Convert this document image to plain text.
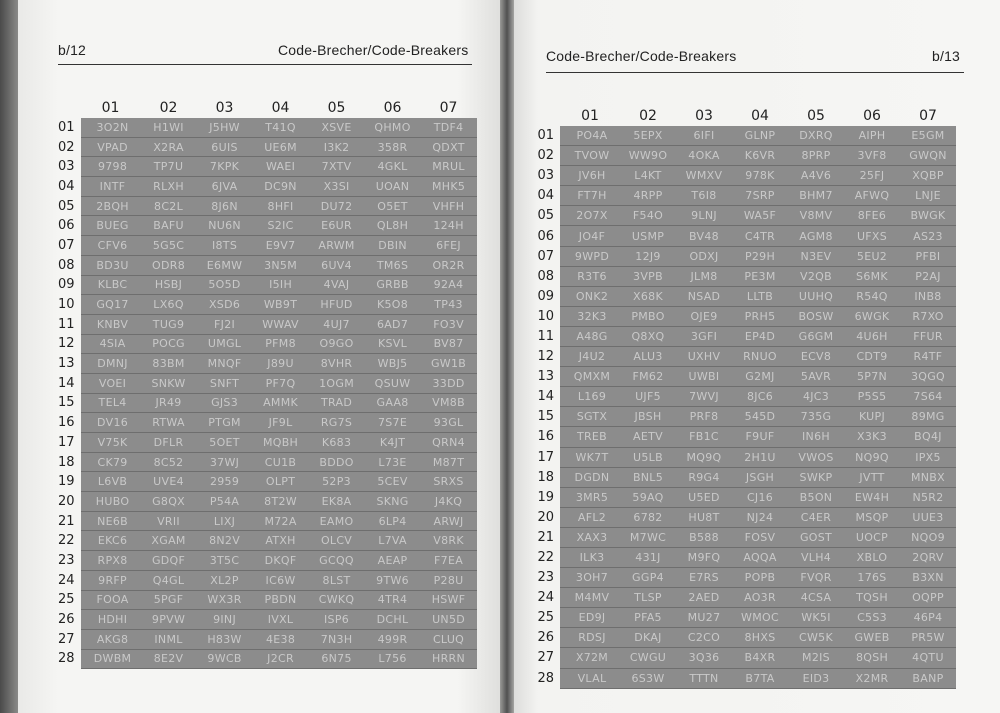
b/12	Code-Brecher/Code-Breakers
	01	02	03	04	05	06	07
01	3O2N	H1WI	J5HW	T41Q	XSVE	QHMO	TDF4
02	VPAD	X2RA	6UIS	UE6M	I3K2	358R	QDXT
03	9798	TP7U	7KPK	WAEI	7XTV	4GKL	MRUL
04	INTF	RLXH	6JVA	DC9N	X3SI	UOAN	MHK5
05	2BQH	8C2L	8J6N	8HFI	DU72	O5ET	VHFH
06	BUEG	BAFU	NU6N	S2IC	E6UR	QL8H	124H
07	CFV6	5G5C	I8TS	E9V7	ARWM	DBIN	6FEJ
08	BD3U	ODR8	E6MW	3N5M	6UV4	TM6S	OR2R
09	KLBC	HSBJ	5O5D	I5IH	4VAJ	GRBB	92A4
10	GQ17	LX6Q	XSD6	WB9T	HFUD	K5O8	TP43
11	KNBV	TUG9	FJ2I	WWAV	4UJ7	6AD7	FO3V
12	4SIA	POCG	UMGL	PFM8	O9GO	KSVL	BV87
13	DMNJ	83BM	MNQF	J89U	8VHR	WBJ5	GW1B
14	VOEI	SNKW	SNFT	PF7Q	1OGM	QSUW	33DD
15	TEL4	JR49	GJS3	AMMK	TRAD	GAA8	VM8B
16	DV16	RTWA	PTGM	JF9L	RG7S	7S7E	93GL
17	V75K	DFLR	5OET	MQBH	K683	K4JT	QRN4
18	CK79	8C52	37WJ	CU1B	BDDO	L73E	M87T
19	L6VB	UVE4	2959	OLPT	52P3	5CEV	SRXS
20	HUBO	G8QX	P54A	8T2W	EK8A	SKNG	J4KQ
21	NE6B	VRII	LIXJ	M72A	EAMO	6LP4	ARWJ
22	EKC6	XGAM	8N2V	ATXH	OLCV	L7VA	V8RK
23	RPX8	GDQF	3T5C	DKQF	GCQQ	AEAP	F7EA
24	9RFP	Q4GL	XL2P	IC6W	8LST	9TW6	P28U
25	FOOA	5PGF	WX3R	PBDN	CWKQ	4TR4	HSWF
26	HDHI	9PVW	9INJ	IVXL	ISP6	DCHL	UN5D
27	AKG8	INML	H83W	4E38	7N3H	499R	CLUQ
28	DWBM	8E2V	9WCB	J2CR	6N75	L756	HRRN
Code-Brecher/Code-Breakers	b/13
	01	02	03	04	05	06	07
01	PO4A	5EPX	6IFI	GLNP	DXRQ	AIPH	E5GM
02	TVOW	WW9O	4OKA	K6VR	8PRP	3VF8	GWQN
03	JV6H	L4KT	WMXV	978K	A4V6	25FJ	XQBP
04	FT7H	4RPP	T6I8	7SRP	BHM7	AFWQ	LNJE
05	2O7X	F54O	9LNJ	WA5F	V8MV	8FE6	BWGK
06	JO4F	USMP	BV48	C4TR	AGM8	UFXS	AS23
07	9WPD	12J9	ODXJ	P29H	N3EV	5EU2	PFBI
08	R3T6	3VPB	JLM8	PE3M	V2QB	S6MK	P2AJ
09	ONK2	X68K	NSAD	LLTB	UUHQ	R54Q	INB8
10	32K3	PMBO	OJE9	PRH5	BOSW	6WGK	R7XO
11	A48G	Q8XQ	3GFI	EP4D	G6GM	4U6H	FFUR
12	J4U2	ALU3	UXHV	RNUO	ECV8	CDT9	R4TF
13	QMXM	FM62	UWBI	G2MJ	5AVR	5P7N	3QGQ
14	L169	UJF5	7WVJ	8JC6	4JC3	P5S5	7S64
15	SGTX	JBSH	PRF8	545D	735G	KUPJ	89MG
16	TREB	AETV	FB1C	F9UF	IN6H	X3K3	BQ4J
17	WK7T	U5LB	MQ9Q	2H1U	VWOS	NQ9Q	IPX5
18	DGDN	BNL5	R9G4	JSGH	SWKP	JVTT	MNBX
19	3MR5	59AQ	U5ED	CJ16	B5ON	EW4H	N5R2
20	AFL2	6782	HU8T	NJ24	C4ER	MSQP	UUE3
21	XAX3	M7WC	B588	FOSV	GOST	UOCP	NQO9
22	ILK3	431J	M9FQ	AQQA	VLH4	XBLO	2QRV
23	3OH7	GGP4	E7RS	POPB	FVQR	176S	B3XN
24	M4MV	TLSP	2AED	AO3R	4CSA	TQSH	OQPP
25	ED9J	PFA5	MU27	WMOC	WK5I	C5S3	46P4
26	RDSJ	DKAJ	C2CO	8HXS	CW5K	GWEB	PR5W
27	X72M	CWGU	3Q36	B4XR	M2IS	8QSH	4QTU
28	VLAL	6S3W	TTTN	B7TA	EID3	X2MR	BANP
